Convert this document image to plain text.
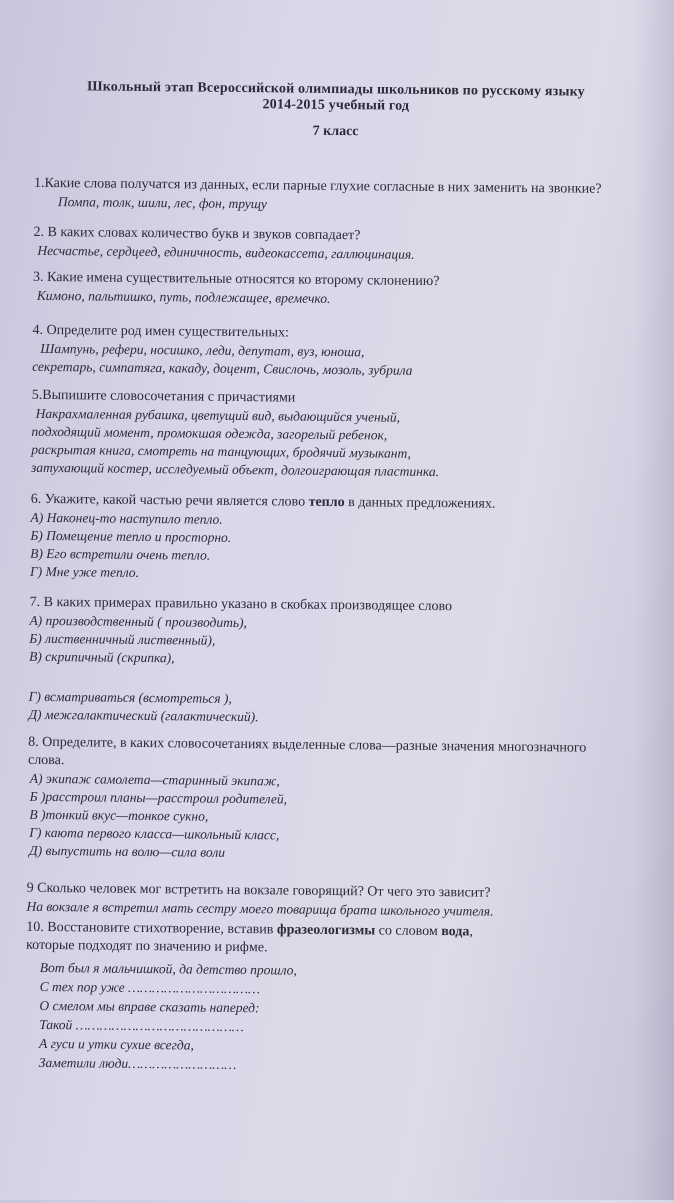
Школьный этап Всероссийской олимпиады школьников по русскому языку
2014-2015 учебный год
7 класс
1.Какие слова получатся из данных, если парные глухие согласные в них заменить на звонкие?
Помпа, толк, шили, лес, фон, трущу
2. В каких словах количество букв и звуков совпадает?
Несчастье, сердцеед, единичность, видеокассета, галлюцинация.
3. Какие имена существительные относятся ко второму склонению?
Кимоно, пальтишко, путь, подлежащее, времечко.
4. Определите род имен существительных:
Шампунь, рефери, носишко, леди, депутат, вуз, юноша,
секретарь, симпатяга, какаду, доцент, Свислочь, мозоль, зубрила
5.Выпишите словосочетания с причастиями
Накрахмаленная рубашка, цветущий вид, выдающийся ученый,
подходящий момент, промокшая одежда, загорелый ребенок,
раскрытая книга, смотреть на танцующих, бродячий музыкант,
затухающий костер, исследуемый объект, долгоиграющая пластинка.
6. Укажите, какой частью речи является слово тепло в данных предложениях.
А) Наконец-то наступило тепло.
Б) Помещение тепло и просторно.
В) Его встретили очень тепло.
Г) Мне уже тепло.
7. В каких примерах правильно указано в скобках производящее слово
А) производственный ( производить),
Б) лиственничный лиственный),
В) скрипичный (скрипка),
Г) всматриваться (всмотреться ),
Д) межгалактический (галактический).
8. Определите, в каких словосочетаниях выделенные слова—разные значения многозначного
слова.
А) экипаж самолета—старинный экипаж,
Б )расстроил планы—расстроил родителей,
В )тонкий вкус—тонкое сукно,
Г) каюта первого класса—школьный класс,
Д) выпустить на волю—сила воли
9 Сколько человек мог встретить на вокзале говорящий? От чего это зависит?
На вокзале я встретил мать сестру моего товарища брата школьного учителя.
10. Восстановите стихотворение, вставив фразеологизмы со словом вода,
которые подходят по значению и рифме.
Вот был я мальчишкой, да детство прошло,
С тех пор уже ……………………………
О смелом мы вправе сказать наперед:
Такой ……………………………………
А гуси и утки сухие всегда,
Заметили люди………………………
